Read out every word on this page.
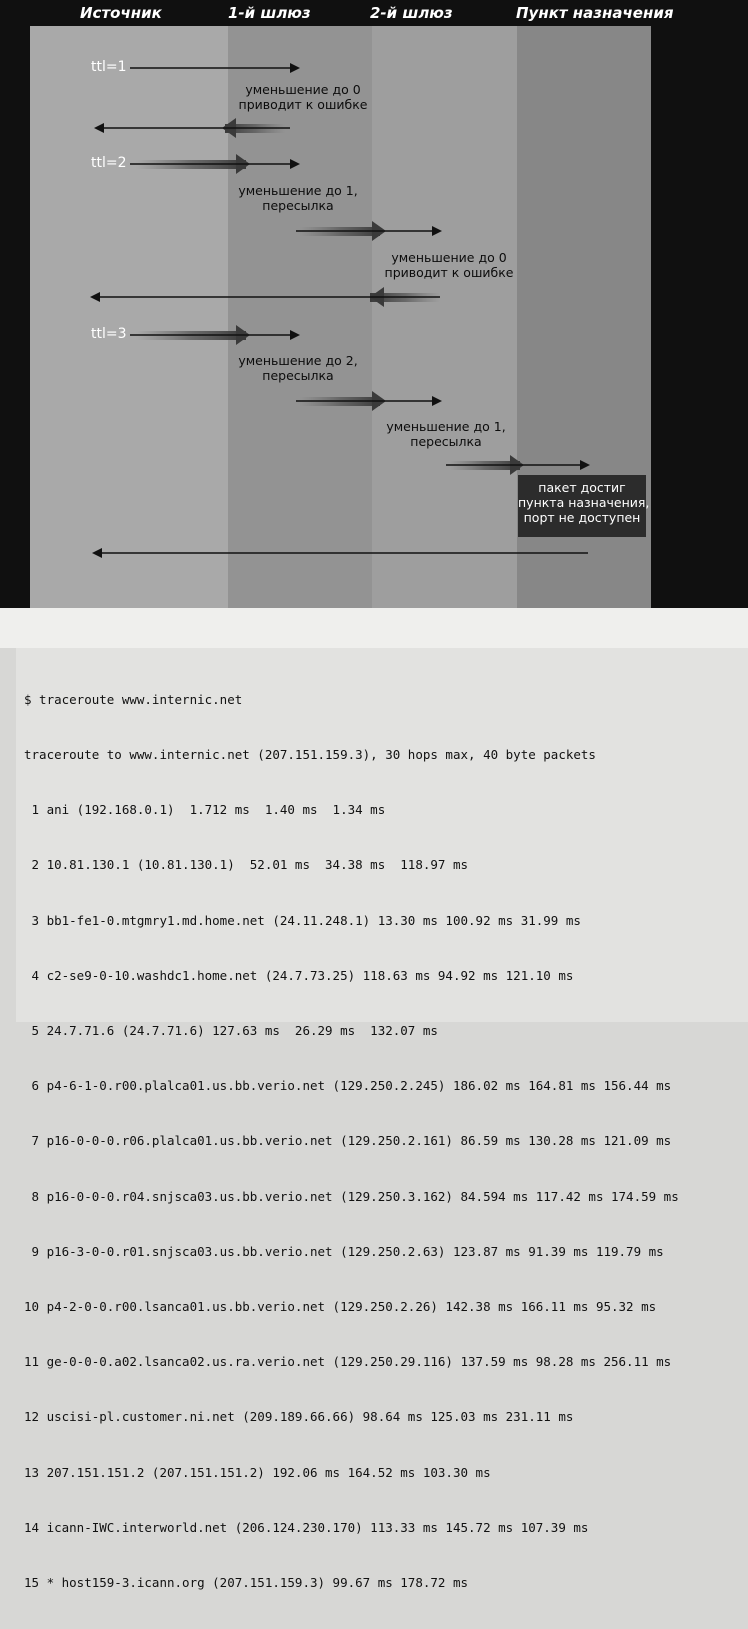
Источник	1-й шлюз	2-й шлюз	Пункт назначения
ttl=1
ttl=2
ttl=3
уменьшение до 0
приводит к ошибке
уменьшение до 1,
пересылка
уменьшение до 0
приводит к ошибке
уменьшение до 2,
пересылка
уменьшение до 1,
пересылка
пакет достиг
пункта назначения,
порт не доступен

$ traceroute www.internic.net

traceroute to www.internic.net (207.151.159.3), 30 hops max, 40 byte packets

1 ani (192.168.0.1)  1.712 ms  1.40 ms  1.34 ms

2 10.81.130.1 (10.81.130.1)  52.01 ms  34.38 ms  118.97 ms

3 bb1-fe1-0.mtgmry1.md.home.net (24.11.248.1) 13.30 ms 100.92 ms 31.99 ms

4 c2-se9-0-10.washdc1.home.net (24.7.73.25) 118.63 ms 94.92 ms 121.10 ms

5 24.7.71.6 (24.7.71.6) 127.63 ms  26.29 ms  132.07 ms

6 p4-6-1-0.r00.plalca01.us.bb.verio.net (129.250.2.245) 186.02 ms 164.81 ms 156.44 ms

7 p16-0-0-0.r06.plalca01.us.bb.verio.net (129.250.2.161) 86.59 ms 130.28 ms 121.09 ms

8 p16-0-0-0.r04.snjsca03.us.bb.verio.net (129.250.3.162) 84.594 ms 117.42 ms 174.59 ms

9 p16-3-0-0.r01.snjsca03.us.bb.verio.net (129.250.2.63) 123.87 ms 91.39 ms 119.79 ms

10 p4-2-0-0.r00.lsanca01.us.bb.verio.net (129.250.2.26) 142.38 ms 166.11 ms 95.32 ms

11 ge-0-0-0.a02.lsanca02.us.ra.verio.net (129.250.29.116) 137.59 ms 98.28 ms 256.11 ms

12 uscisi-pl.customer.ni.net (209.189.66.66) 98.64 ms 125.03 ms 231.11 ms

13 207.151.151.2 (207.151.151.2) 192.06 ms 164.52 ms 103.30 ms

14 icann-IWC.interworld.net (206.124.230.170) 113.33 ms 145.72 ms 107.39 ms

15 * host159-3.icann.org (207.151.159.3) 99.67 ms 178.72 ms
